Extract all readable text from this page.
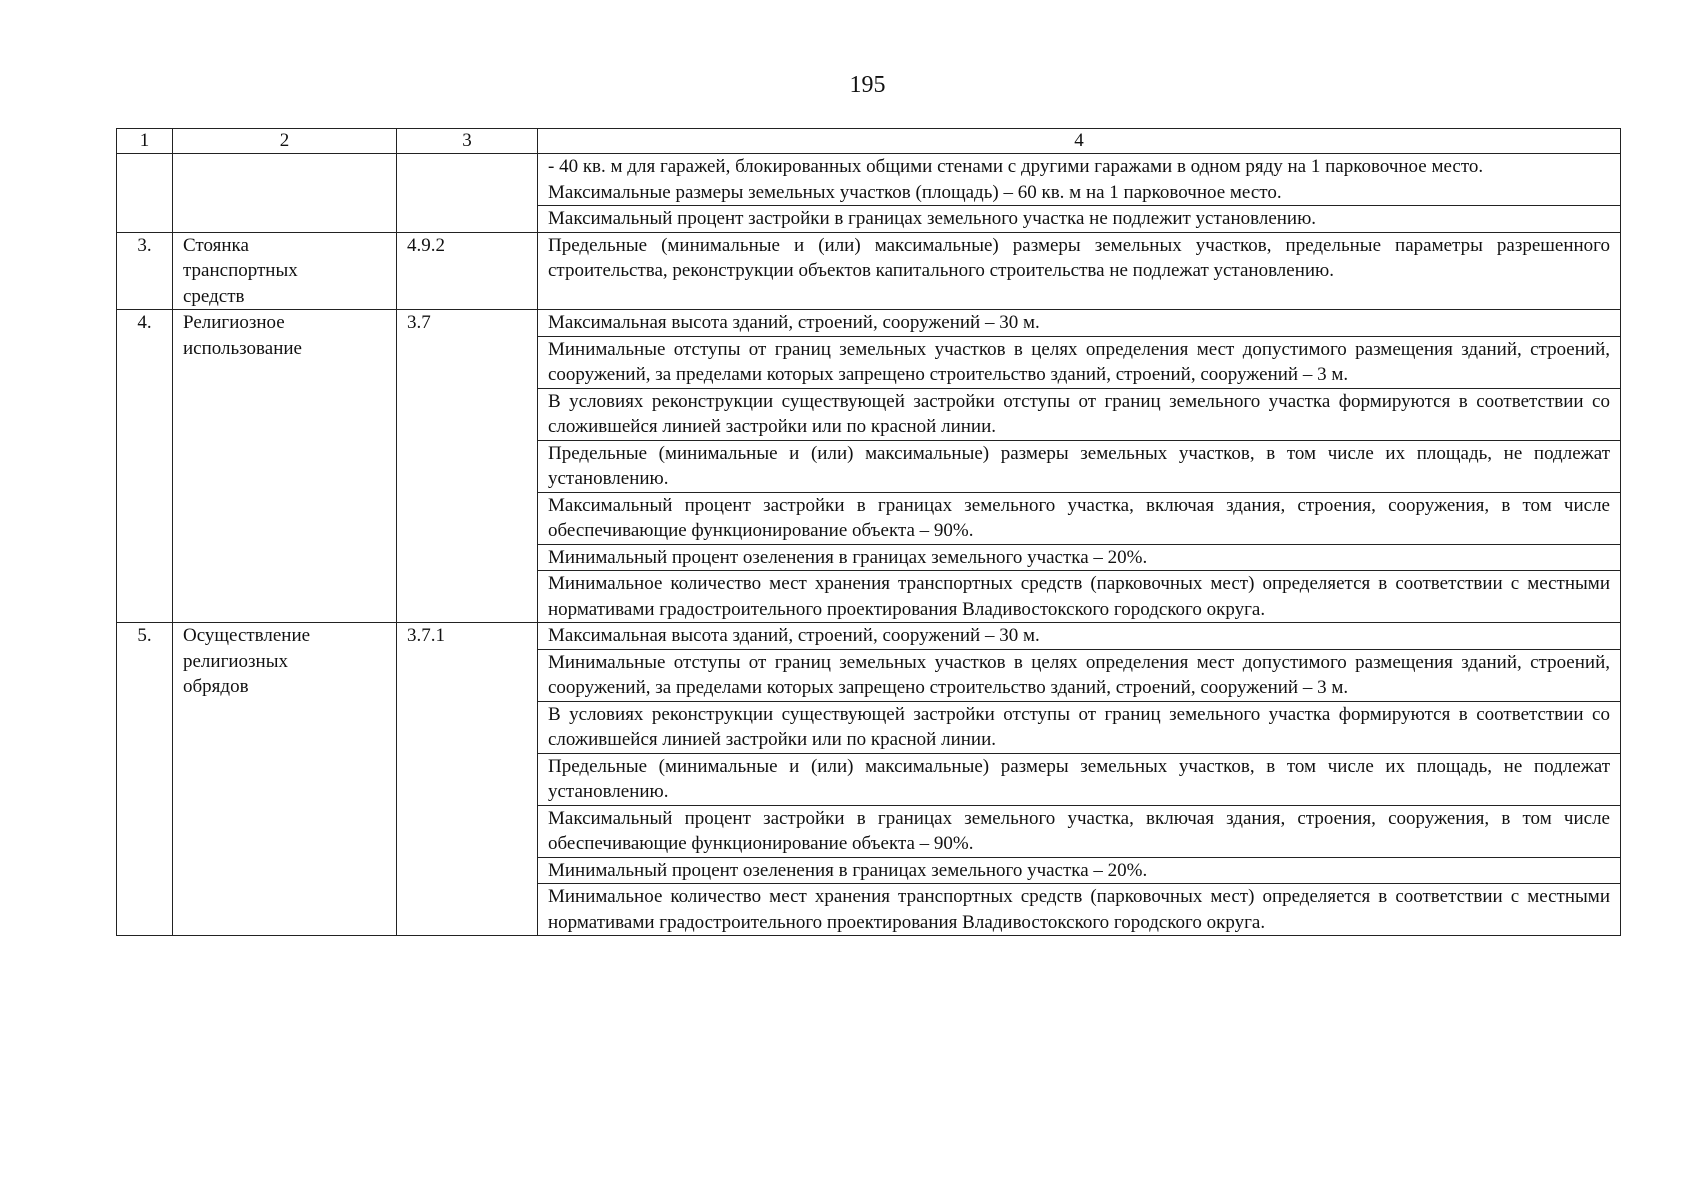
195
1	2	3	4

			- 40 кв. м для гаражей, блокированных общими стенами с другими гаражами в одном ряду на 1 парковочное место.
Максимальные размеры земельных участков (площадь) – 60 кв. м на 1 парковочное место.

			Максимальный процент застройки в границах земельного участка не подлежит установлению.
3.	Стоянка транспортных средств	4.9.2	Предельные (минимальные и (или) максимальные) размеры земельных участков, предельные параметры разрешенного строительства, реконструкции объектов капитального строительства не подлежат установлению.
4.	Религиозное использование	3.7	Максимальная высота зданий, строений, сооружений – 30 м.
			Минимальные отступы от границ земельных участков в целях определения мест допустимого размещения зданий, строений, сооружений, за пределами которых запрещено строительство зданий, строений, сооружений – 3 м.
			В условиях реконструкции существующей застройки отступы от границ земельного участка формируются в соответствии со сложившейся линией застройки или по красной линии.
			Предельные (минимальные и (или) максимальные) размеры земельных участков, в том числе их площадь, не подлежат установлению.
			Максимальный процент застройки в границах земельного участка, включая здания, строения, сооружения, в том числе обеспечивающие функционирование объекта – 90%.
			Минимальный процент озеленения в границах земельного участка – 20%.
			Минимальное количество мест хранения транспортных средств (парковочных мест) определяется в соответствии с местными нормативами градостроительного проектирования Владивостокского городского округа.
5.	Осуществление религиозных обрядов	3.7.1	Максимальная высота зданий, строений, сооружений – 30 м.
			Минимальные отступы от границ земельных участков в целях определения мест допустимого размещения зданий, строений, сооружений, за пределами которых запрещено строительство зданий, строений, сооружений – 3 м.
			В условиях реконструкции существующей застройки отступы от границ земельного участка формируются в соответствии со сложившейся линией застройки или по красной линии.
			Предельные (минимальные и (или) максимальные) размеры земельных участков, в том числе их площадь, не подлежат установлению.
			Максимальный процент застройки в границах земельного участка, включая здания, строения, сооружения, в том числе обеспечивающие функционирование объекта – 90%.
			Минимальный процент озеленения в границах земельного участка – 20%.
			Минимальное количество мест хранения транспортных средств (парковочных мест) определяется в соответствии с местными нормативами градостроительного проектирования Владивостокского городского округа.
